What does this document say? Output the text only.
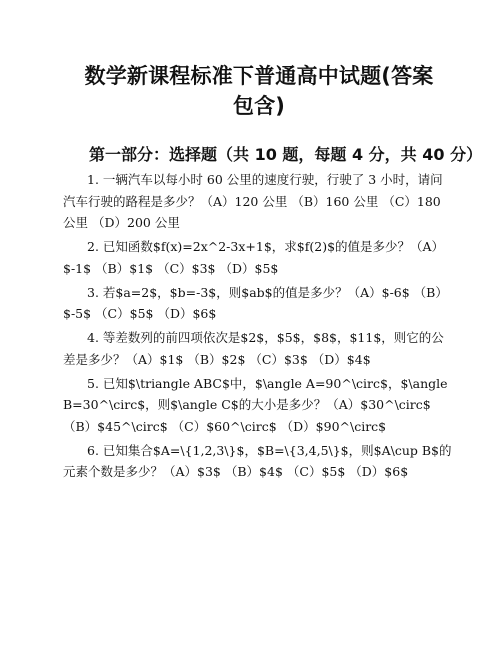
数学新课程标准下普通高中试题(答案包含)
第一部分：选择题（共 10 题，每题 4 分，共 40 分）

1. 一辆汽车以每小时 60 公里的速度行驶，行驶了 3 小时，请问汽车行驶的路程是多少？（A）120 公里 （B）160 公里 （C）180 公里 （D）200 公里

2. 已知函数$f(x)=2x^2-3x+1$，求$f(2)$的值是多少？（A）$-1$ （B）$1$ （C）$3$ （D）$5$

3. 若$a=2$，$b=-3$，则$ab$的值是多少？（A）$-6$ （B）$-5$ （C）$5$ （D）$6$

4. 等差数列的前四项依次是$2$，$5$，$8$，$11$，则它的公差是多少？（A）$1$ （B）$2$ （C）$3$ （D）$4$

5. 已知$\triangle ABC$中，$\angle A=90^\circ$，$\angle B=30^\circ$，则$\angle C$的大小是多少？（A）$30^\circ$ （B）$45^\circ$ （C）$60^\circ$ （D）$90^\circ$

6. 已知集合$A=\{1,2,3\}$，$B=\{3,4,5\}$，则$A\cup B$的元素个数是多少？（A）$3$ （B）$4$ （C）$5$ （D）$6$
